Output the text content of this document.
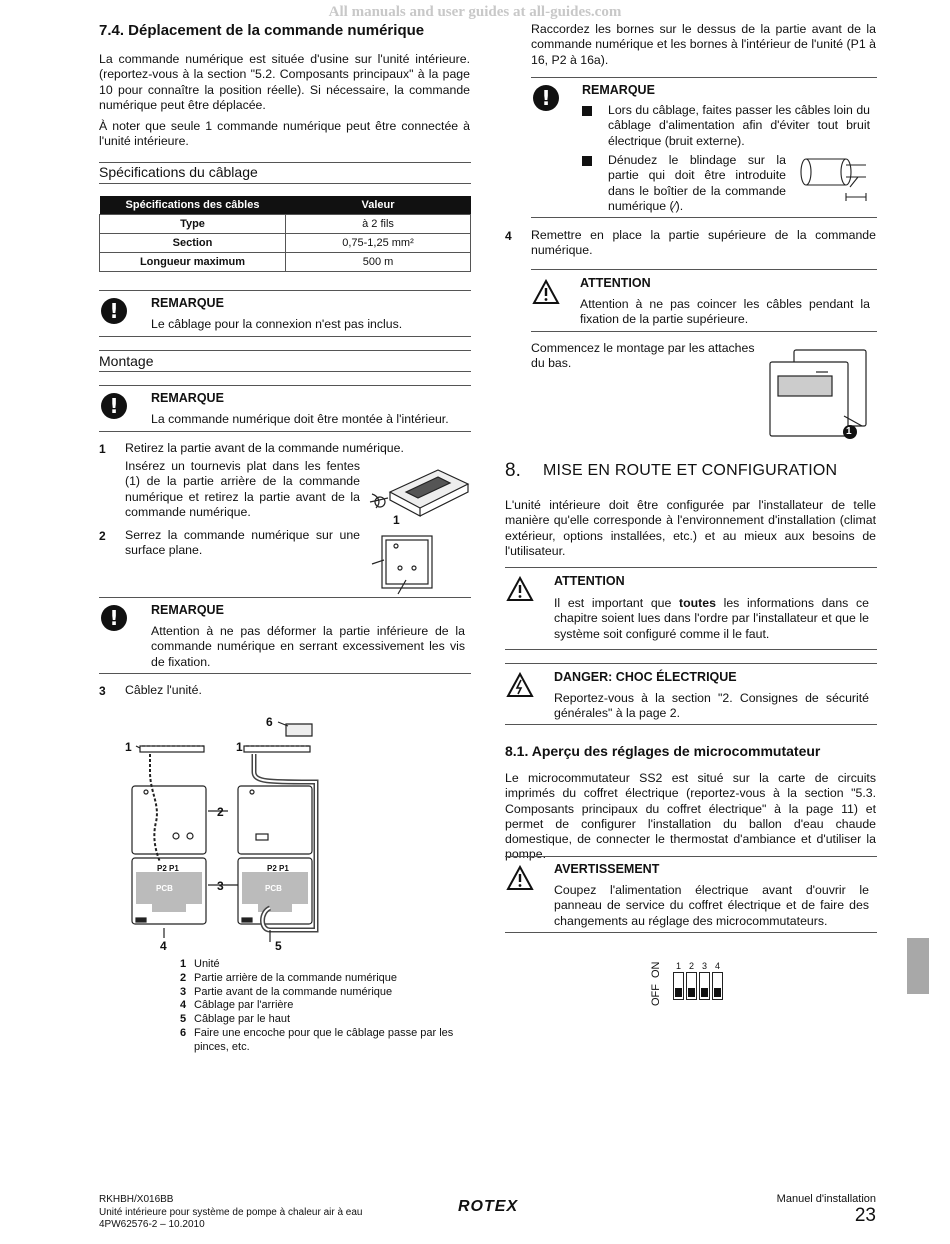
All manuals and user guides at all-guides.com
7.4. Déplacement de la commande numérique
La commande numérique est située d'usine sur l'unité intérieure. (reportez-vous à la section "5.2. Composants principaux" à la page 10 pour connaître la position réelle). Si nécessaire, la commande numérique peut être déplacée.
À noter que seule 1 commande numérique peut être connectée à l'unité intérieure.
Spécifications du câblage
Spécifications des câbles	Valeur
Type	à 2 fils
Section	0,75-1,25 mm²
Longueur maximum	500 m
!	REMARQUE
Le câblage pour la connexion n'est pas inclus.
Montage
!	REMARQUE
La commande numérique doit être montée à l'intérieur.
1 Retirez la partie avant de la commande numérique.
Insérez un tournevis plat dans les fentes (1) de la partie arrière de la commande numérique et retirez la partie avant de la commande numérique.
1
2 Serrez la commande numérique sur une surface plane.
!	REMARQUE
Attention à ne pas déformer la partie inférieure de la commande numérique en serrant excessivement les vis de fixation.
3 Câblez l'unité.
1	1
2
3
4	5
6
P2 P1	P2 P1
PCB	PCB
1 Unité
2 Partie arrière de la commande numérique
3 Partie avant de la commande numérique
4 Câblage par l'arrière
5 Câblage par le haut
6 Faire une encoche pour que le câblage passe par les pinces, etc.
Raccordez les bornes sur le dessus de la partie avant de la commande numérique et les bornes à l'intérieur de l'unité (P1 à 16, P2 à 16a).
!	REMARQUE
Lors du câblage, faites passer les câbles loin du câblage d'alimentation afin d'éviter tout bruit électrique (bruit externe).
Dénudez le blindage sur la partie qui doit être introduite dans le boîtier de la commande numérique (⁄).
4 Remettre en place la partie supérieure de la commande numérique.
ATTENTION
Attention à ne pas coincer les câbles pendant la fixation de la partie supérieure.
Commencez le montage par les attaches du bas.
1
8. MISE EN ROUTE ET CONFIGURATION
L'unité intérieure doit être configurée par l'installateur de telle manière qu'elle corresponde à l'environnement d'installation (climat extérieur, options installées, etc.) et au mieux aux besoins de l'utilisateur.
ATTENTION
Il est important que toutes les informations dans ce chapitre soient lues dans l'ordre par l'installateur et que le système soit configuré comme il le faut.
DANGER: CHOC ÉLECTRIQUE
Reportez-vous à la section "2. Consignes de sécurité générales" à la page 2.
8.1. Aperçu des réglages de microcommutateur
Le microcommutateur SS2 est situé sur la carte de circuits imprimés du coffret électrique (reportez-vous à la section "5.3. Composants principaux du coffret électrique" à la page 11) et permet de configurer l'installation du ballon d'eau chaude domestique, de connecter le thermostat d'ambiance et d'utiliser la pompe.
AVERTISSEMENT
Coupez l'alimentation électrique avant d'ouvrir le panneau de service du coffret électrique et de faire des changements au réglage des microcommutateurs.
ON
OFF
1 2 3 4
RKHBH/X016BB
Unité intérieure pour système de pompe à chaleur air à eau
4PW62576-2 – 10.2010
ROTEX	Manuel d'installation
23
